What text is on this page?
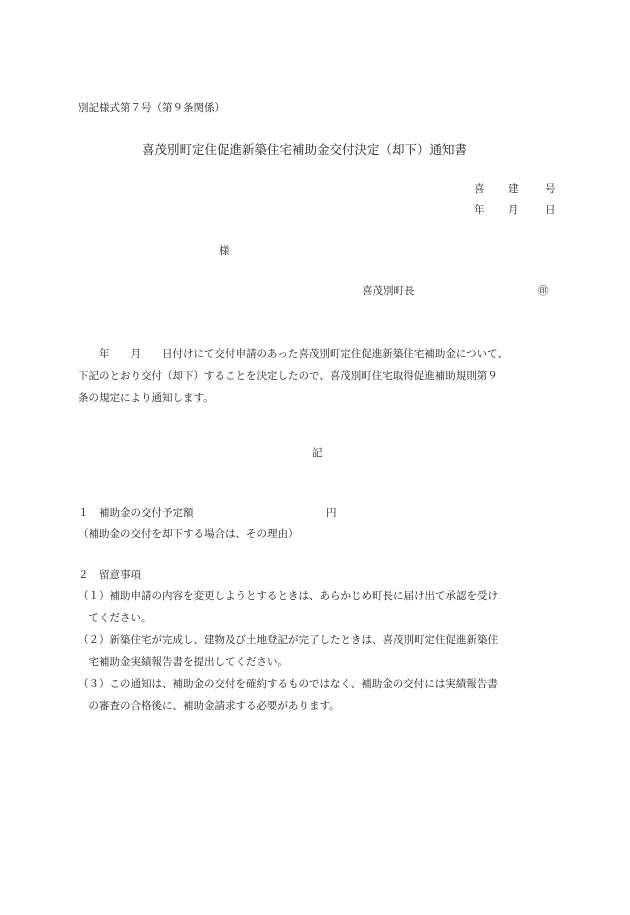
別記様式第７号（第９条関係）
喜茂別町定住促進新築住宅補助金交付決定（却下）通知書
喜 建	号
年 月	日
様
喜茂別町長	㊞
　　年　　月　　日付けにて交付申請のあった喜茂別町定住促進新築住宅補助金について、
下記のとおり交付（却下）することを決定したので、喜茂別町住宅取得促進補助規則第９
条の規定により通知します。
記
１　補助金の交付予定額	円
（補助金の交付を却下する場合は、その理由）
２　留意事項
（１）補助申請の内容を変更しようとするときは、あらかじめ町長に届け出て承認を受け
　てください。
（２）新築住宅が完成し、建物及び土地登記が完了したときは、喜茂別町定住促進新築住
　宅補助金実績報告書を提出してください。
（３）この通知は、補助金の交付を確約するものではなく、補助金の交付には実績報告書
　の審査の合格後に、補助金請求する必要があります。
